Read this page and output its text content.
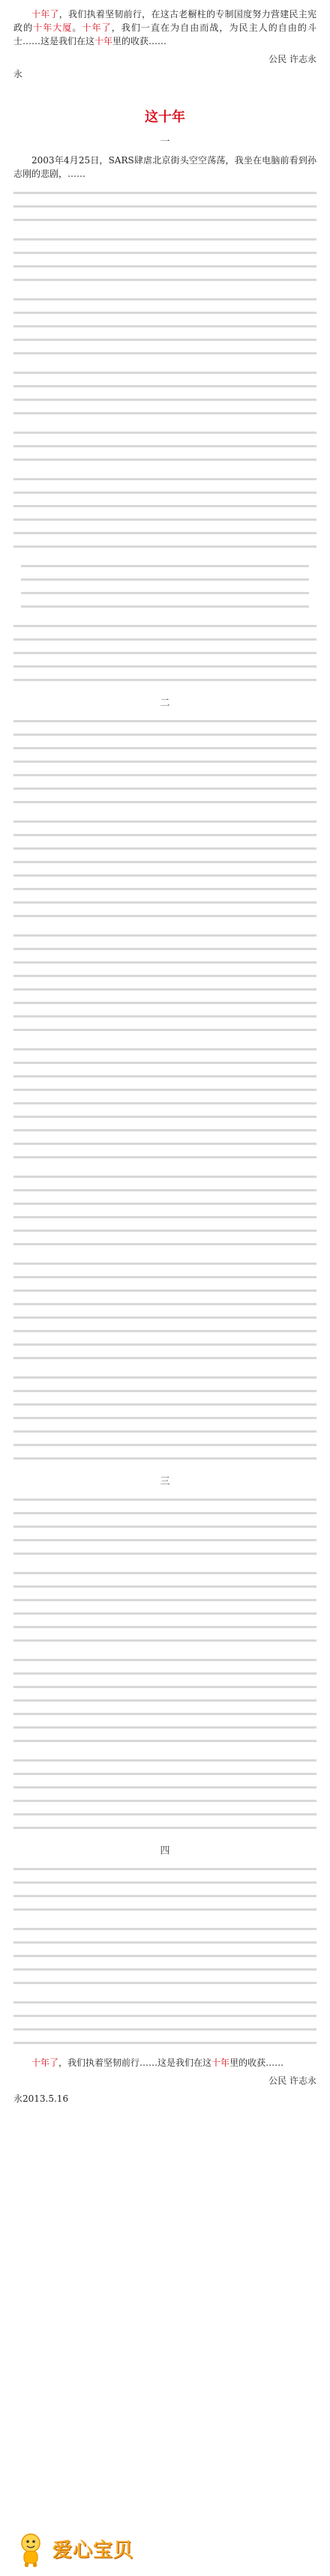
十年了，我们执着坚韧前行，在这古老橱柱的专制国度努力营建民主宪政的十年大厦。十年了，我们一直在为自由而战，为民主人的自由的斗士……这是我们在这十年里的收获……

公民 许志永
永
这十年
一

2003年4月25日，SARS肆虐北京街头空空荡荡，我坐在电脑前看到孙志刚的悲剧，……

二

三

四

十年了，我们执着坚韧前行……这是我们在这十年里的收获……

公民 许志永
永2013.5.16
爱心宝贝
